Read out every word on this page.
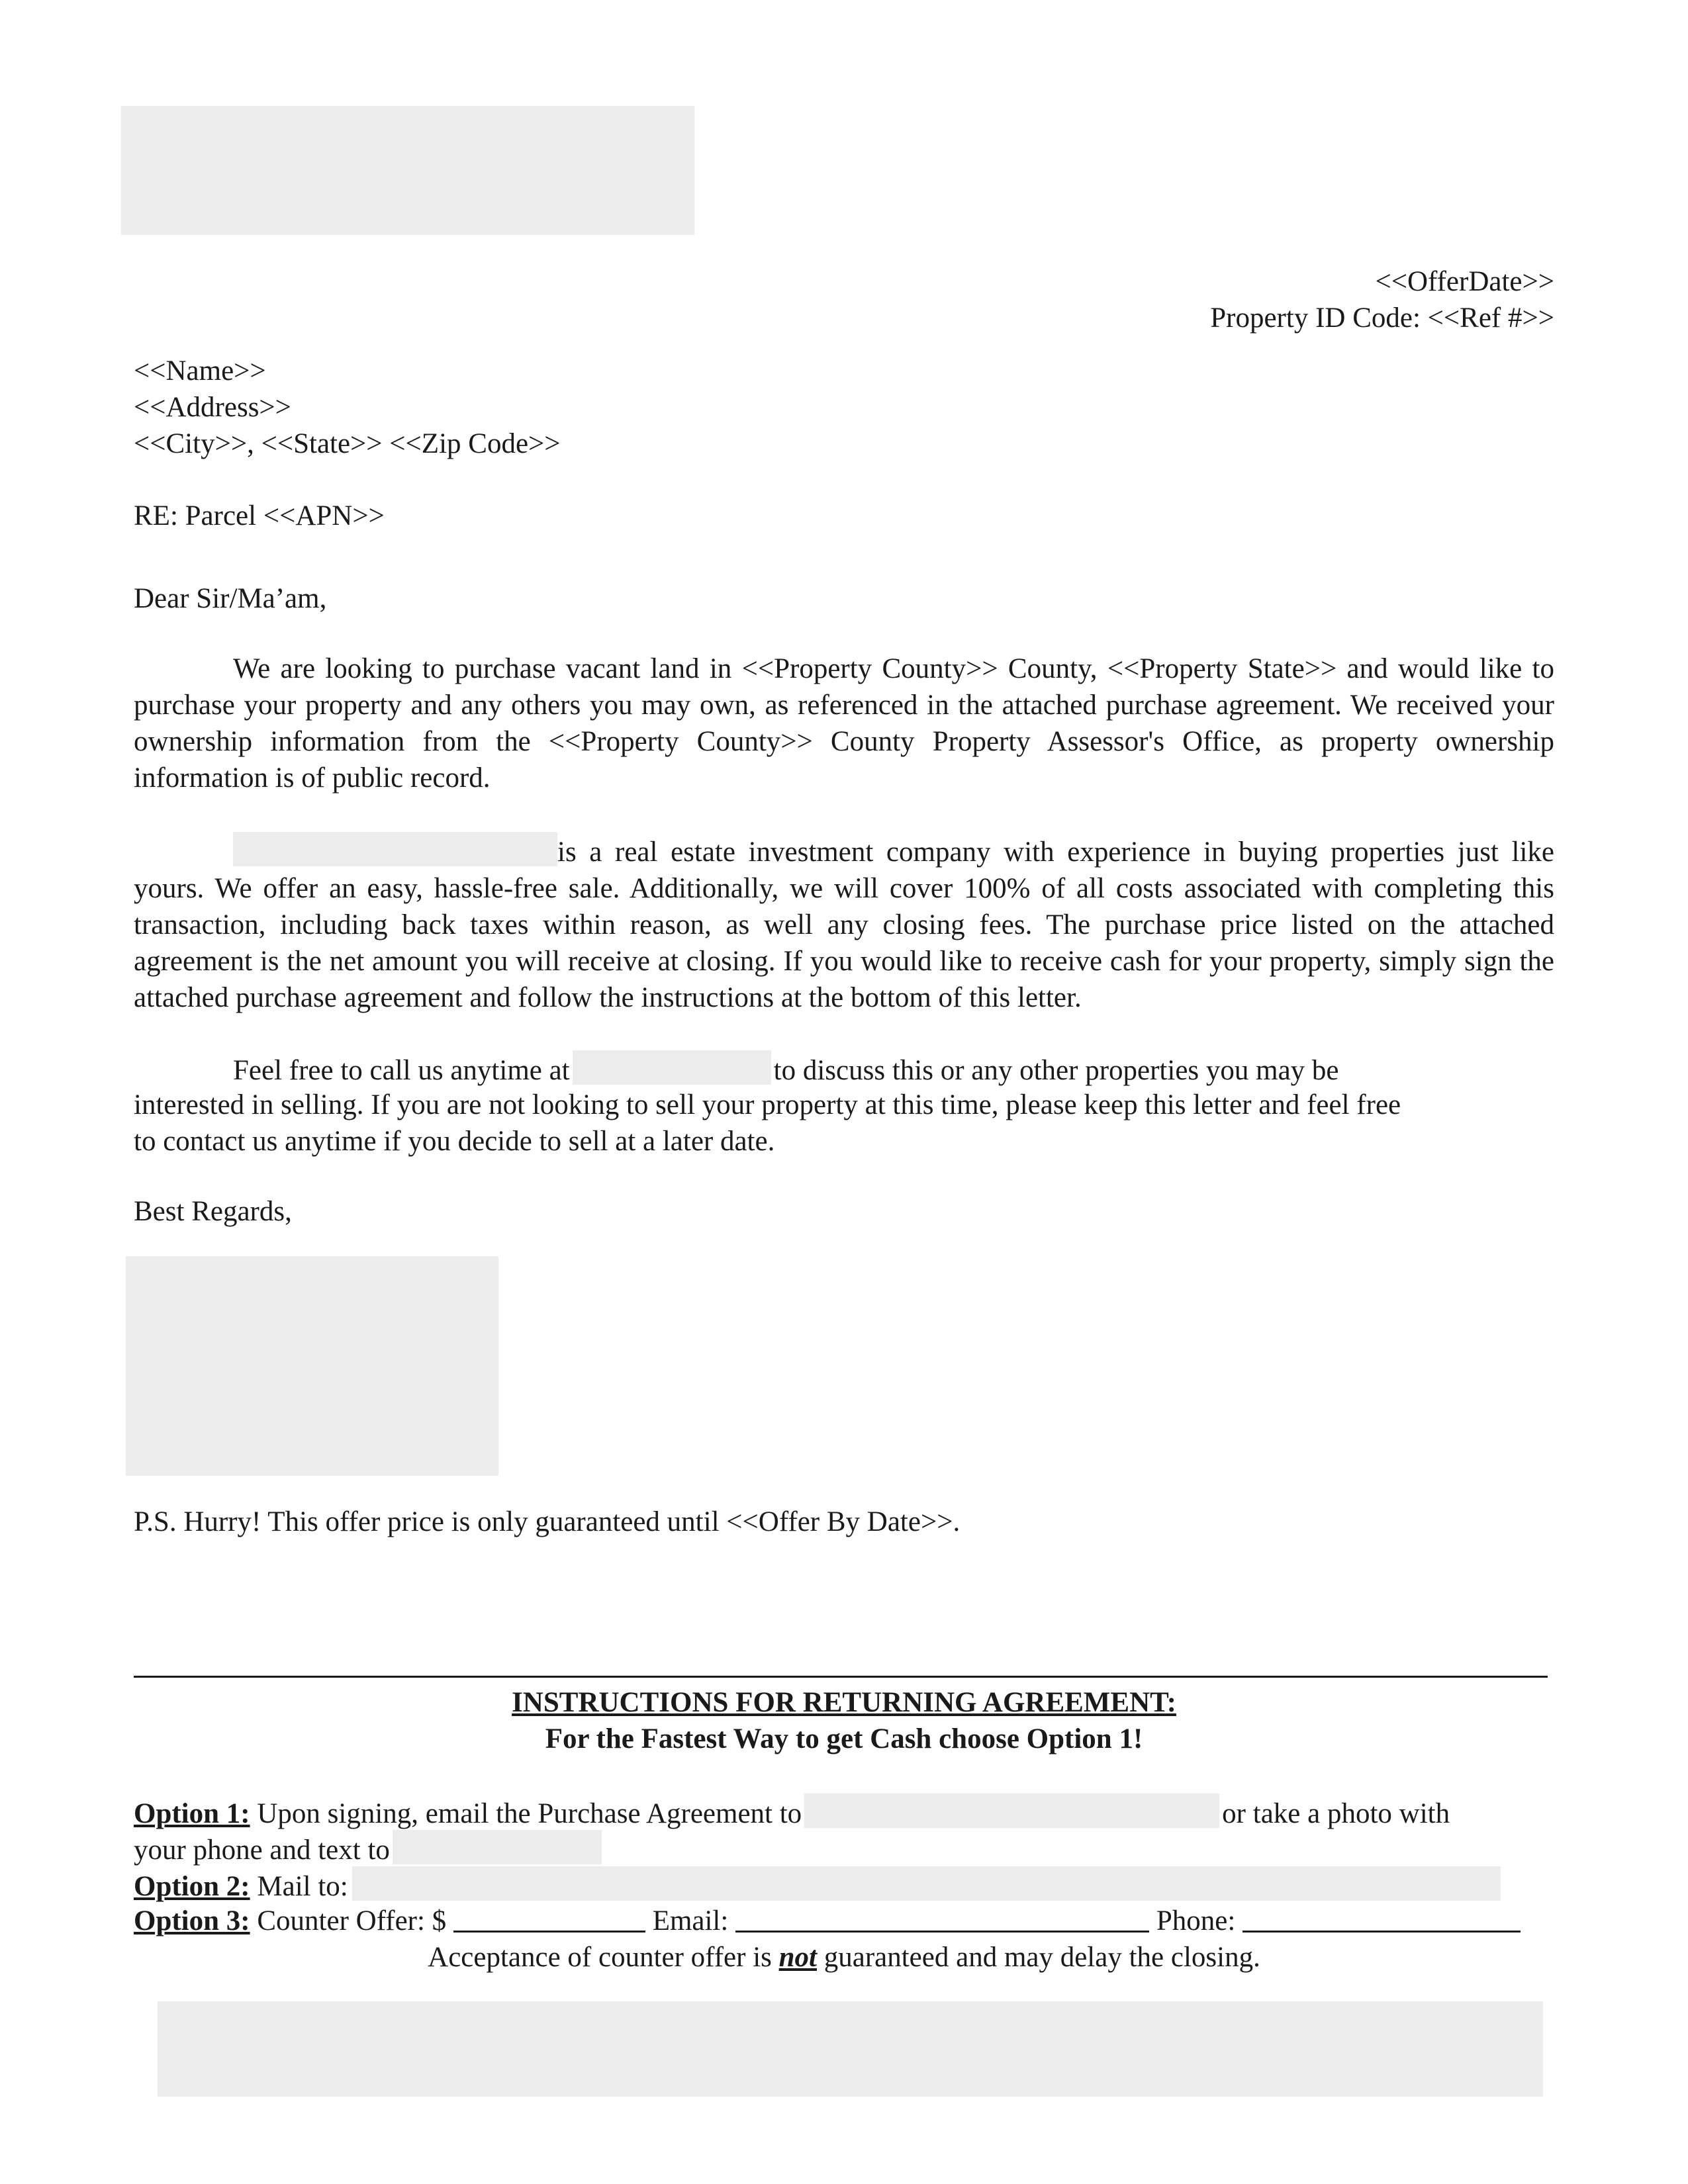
<<OfferDate>>
Property ID Code: <<Ref #>>
<<Name>>
<<Address>>
<<City>>, <<State>> <<Zip Code>>
RE: Parcel <<APN>>
Dear Sir/Ma’am,
We are looking to purchase vacant land in <<Property County>> County, <<Property State>> and would like to purchase your property and any others you may own, as referenced in the attached purchase agreement. We received your ownership information from the <<Property County>> County Property Assessor's Office, as property ownership information is of public record.
is a real estate investment company with experience in buying properties just like yours. We offer an easy, hassle-free sale. Additionally, we will cover 100% of all costs associated with completing this transaction, including back taxes within reason, as well any closing fees. The purchase price listed on the attached agreement is the net amount you will receive at closing. If you would like to receive cash for your property, simply sign the attached purchase agreement and follow the instructions at the bottom of this letter.
Feel free to call us anytime at	to discuss this or any other properties you may be
interested in selling. If you are not looking to sell your property at this time, please keep this letter and feel free
to contact us anytime if you decide to sell at a later date.
Best Regards,
P.S. Hurry! This offer price is only guaranteed until <<Offer By Date>>.
INSTRUCTIONS FOR RETURNING AGREEMENT:
For the Fastest Way to get Cash choose Option 1!
Option 1: Upon signing, email the Purchase Agreement to	or take a photo with
your phone and text to
Option 2: Mail to:
Option 3: Counter Offer: $	Email:	Phone:
Acceptance of counter offer is not guaranteed and may delay the closing.
